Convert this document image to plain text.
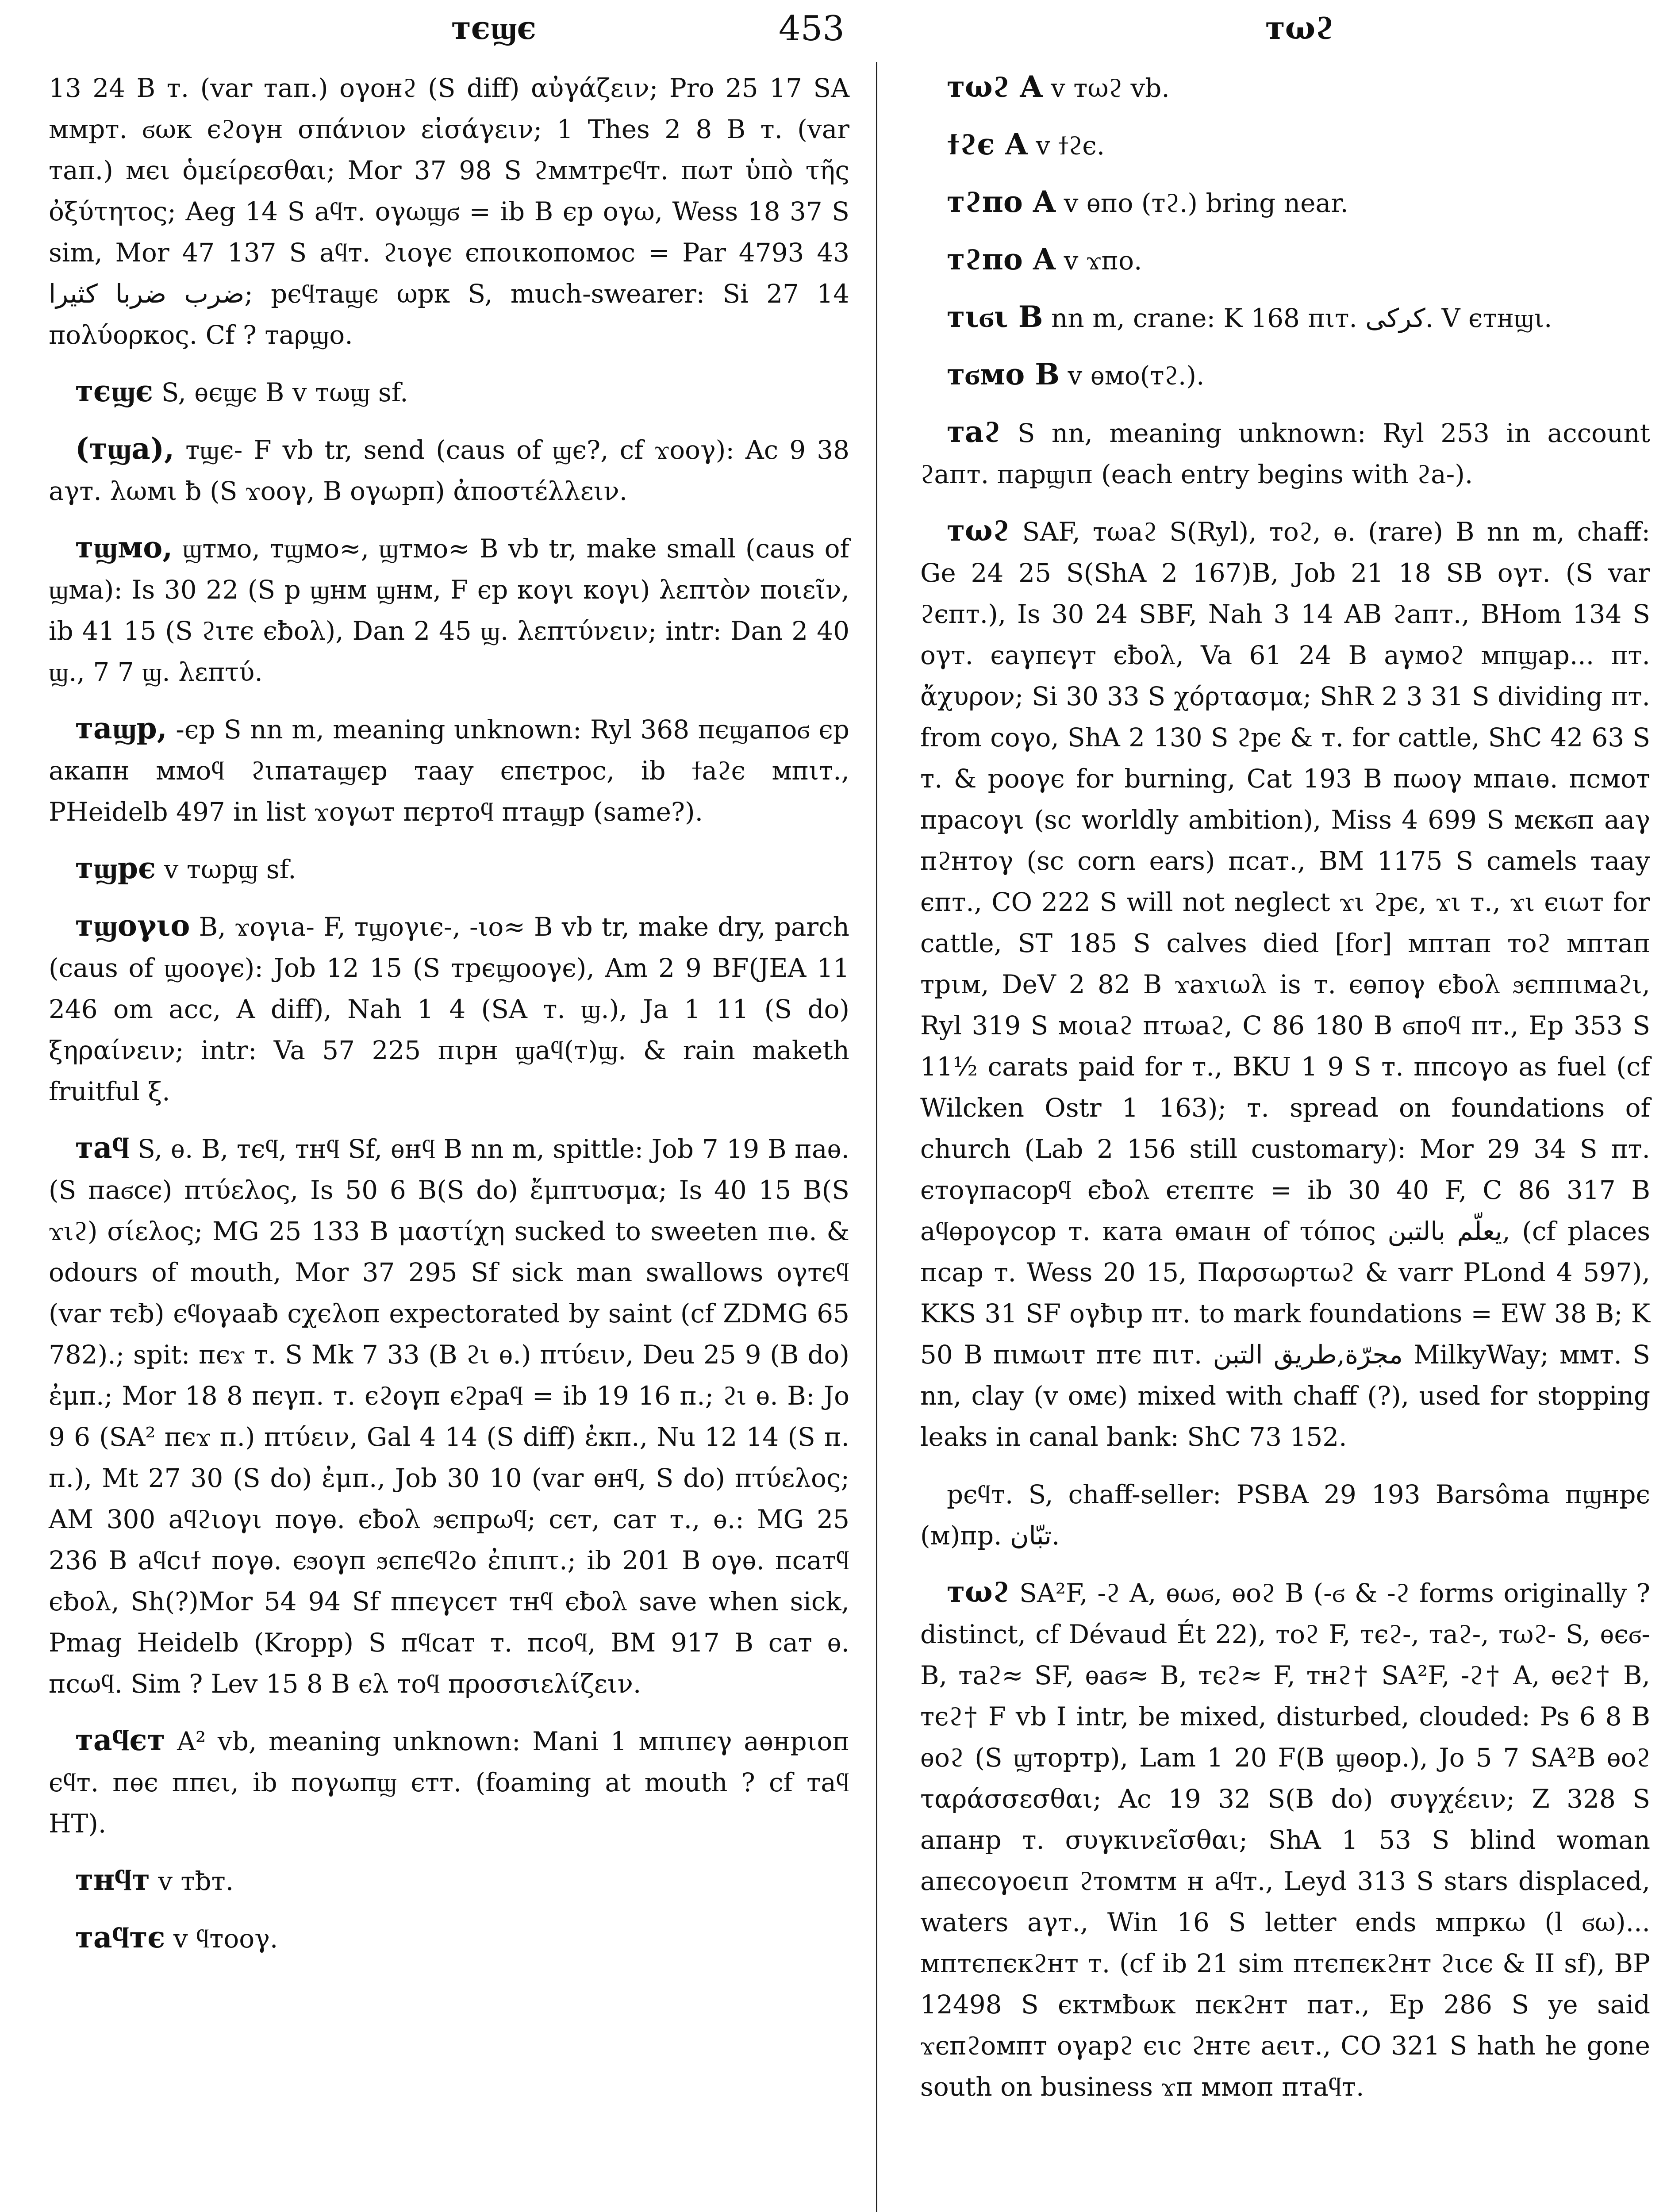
тєϣє	453	тωϩ

13 24 B т. (var таπ.) оγонϩ (S diff) αὐγάζειν; Pro 25 17 SA ммрт. ϭωк єϩоγн σπάνιον εἰσάγειν; 1 Thes 2 8 B т. (var таπ.) мєι ὁμείρεσθαι; Mor 37 98 S ϩммтрєϥт. πωт ὑπὸ τῆς ὀξύτητος; Aeg 14 S аϥт. оγωϣϭ = ib B єр оγω, Wess 18 37 S sim, Mor 47 137 S аϥт. ϩιоγє єπоιкоπомос = Par 4793 43 ضرب ضربا كثيرا; рєϥтаϣє ωрк S, much-swearer: Si 27 14 πολύορκος. Cf ? таρϣо.

тєϣє S, ѳєϣє B v тωϣ sf.

(тϣа), тϣє- F vb tr, send (caus of ϣє?, cf ϫооγ): Ac 9 38 аγт. λωмι ƀ (S ϫооγ, B оγωрπ) ἀποστέλλειν.

тϣмо, ϣтмо, тϣмо≈, ϣтмо≈ B vb tr, make small (caus of ϣма): Is 30 22 (S р ϣнм ϣнм, F єр коγι коγι) λεπτὸν ποιεῖν, ib 41 15 (S ϩιтє єƀоλ), Dan 2 45 ϣ. λεπτύνειν; intr: Dan 2 40 ϣ., 7 7 ϣ. λεπτύ.

таϣр, -єр S nn m, meaning unknown: Ryl 368 πєϣапоϭ єр акапн ммоϥ ϩιпатаϣєр таау єпєтрос, ib ϯаϩє мпιт., PHeidelb 497 in list ϫоγωт πєртоϥ птаϣр (same?).

тϣрє v тωрϣ sf.

тϣоγιо B, ϫоγιа- F, тϣоγιє-, -ιо≈ B vb tr, make dry, parch (caus of ϣооγє): Job 12 15 (S трєϣооγє), Am 2 9 BF(JEA 11 246 om acc, A diff), Nah 1 4 (SA т. ϣ.), Ja 1 11 (S do) ξηραίνειν; intr: Va 57 225 πιрн ϣаϥ(т)ϣ. & rain maketh fruitful ξ.

таϥ S, ѳ. B, тєϥ, тнϥ Sf, ѳнϥ B nn m, spittle: Job 7 19 B паѳ. (S паϭсє) πτύελος, Is 50 6 B(S do) ἔμπτυσμα; Is 40 15 B(S ϫιϩ) σίελος; MG 25 133 B μαστίχη sucked to sweeten πιѳ. & odours of mouth, Mor 37 295 Sf sick man swallows оγтєϥ (var тєƀ) єϥоγааƀ сχєλоп expectorated by saint (cf ZDMG 65 782).; spit: пєϫ т. S Mk 7 33 (B ϩι ѳ.) πτύειν, Deu 25 9 (B do) ἐμπ.; Mor 18 8 пєγп. т. єϩоγп єϩраϥ = ib 19 16 п.; ϩι ѳ. B: Jo 9 6 (SA² пєϫ п.) πτύειν, Gal 4 14 (S diff) ἐκπ., Nu 12 14 (S п. п.), Mt 27 30 (S do) ἐμπ., Job 30 10 (var ѳнϥ, S do) πτύελος; AM 300 аϥϩιоγι поγѳ. єƀоλ ϧєпрωϥ; сєт, сат т., ѳ.: MG 25 236 B аϥсιϯ поγѳ. єϧоγп ϧєпєϥϩо ἐπιπτ.; ib 201 B оγѳ. псатϥ єƀоλ, Sh(?)Mor 54 94 Sf ппєγсєт тнϥ єƀоλ save when sick, Pmag Heidelb (Kropp) S пϥсат т. псоϥ, BM 917 B сат ѳ. псωϥ. Sim ? Lev 15 8 B єλ тоϥ προσσιελίζειν.

таϥєт A² vb, meaning unknown: Mani 1 мπιπєγ аѳнрιоп єϥт. пѳє ппєι, ib поγωпϣ єтт. (foaming at mouth ? cf таϥ HT).

тнϥт v тƀт.

таϥтє v ϥтооγ.

тωϩ A v тωϩ vb.

ϯϩє A v ϯϩє.

тϩпо A v ѳпо (тϩ.) bring near.

тϩпо A v ϫпо.

тιϭι B nn m, crane: K 168 πιт. كركى. V єтнϣι.

тϭмо B v ѳмо(тϩ.).

таϩ S nn, meaning unknown: Ryl 253 in account ϩапт. парϣιп (each entry begins with ϩа-).

тωϩ SAF, тωаϩ S(Ryl), тоϩ, ѳ. (rare) B nn m, chaff: Ge 24 25 S(ShA 2 167)B, Job 21 18 SB оγт. (S var ϩєпт.), Is 30 24 SBF, Nah 3 14 AB ϩапт., BHom 134 S оγт. єаγпєγт єƀоλ, Va 61 24 B аγмоϩ мпϣар... πт. ἄχυρον; Si 30 33 S χόρτασμα; ShR 2 3 31 S dividing πт. from соγо, ShA 2 130 S ϩрє & т. for cattle, ShC 42 63 S т. & рооγє for burning, Cat 193 B пωоγ мпаιѳ. псмот прасоγι (sc worldly ambition), Miss 4 699 S мєкϭп ааγ пϩнтоγ (sc corn ears) псат., BM 1175 S camels таау єпт., CO 222 S will not neglect ϫι ϩрє, ϫι т., ϫι єιωт for cattle, ST 185 S calves died [for] мптап тоϩ мптап трιм, DeV 2 82 B ϫаϫιωλ is т. єѳпоγ єƀоλ ϧєпπιмаϩι, Ryl 319 S моιаϩ птωаϩ, C 86 180 B ϭпоϥ πт., Ep 353 S 11½ carats paid for т., BKU 1 9 S т. ппсоγо as fuel (cf Wilcken Ostr 1 163); т. spread on foundations of church (Lab 2 156 still customary): Mor 29 34 S πт. єтоγпасорϥ єƀоλ єтєптє = ib 30 40 F, C 86 317 B аϥѳроγсор т. ката ѳмаιн of τόπος يعلّم بالتبن, (cf places псар т. Wess 20 15, Παρσωρτωϩ & varr PLond 4 597), KKS 31 SF оγƀιр πт. to mark foundations = EW 38 B; K 50 B пιмωιт птє пιт. مجرّة,طريق التبن MilkyWay; ммт. S nn, clay (v омє) mixed with chaff (?), used for stopping leaks in canal bank: ShC 73 152.

рєϥт. S, chaff-seller: PSBA 29 193 Barsôma пϣнрє (м)пр. تبّان.

тωϩ SA²F, -ϩ A, ѳωϭ, ѳоϩ B (-ϭ & -ϩ forms originally ? distinct, cf Dévaud Ét 22), тоϩ F, тєϩ-, таϩ-, тωϩ- S, ѳєϭ- B, таϩ≈ SF, ѳаϭ≈ B, тєϩ≈ F, тнϩ† SA²F, -ϩ† A, ѳєϩ† B, тєϩ† F vb I intr, be mixed, disturbed, clouded: Ps 6 8 B ѳоϩ (S ϣтортр), Lam 1 20 F(B ϣѳор.), Jo 5 7 SA²B ѳоϩ ταράσσεσθαι; Ac 19 32 S(B do) συγχέειν; Z 328 S апанр т. συγκινεῖσθαι; ShA 1 53 S blind woman апєсоγоєιп ϩтомтм н аϥт., Leyd 313 S stars displaced, waters аγт., Win 16 S letter ends мпркω (l ϭω)... мптєпєкϩнт т. (cf ib 21 sim птєпєкϩнт ϩιсє & II sf), BP 12498 S єктмƀωк пєкϩнт пат., Ep 286 S ye said ϫєпϩомпт оγарϩ єιс ϩнтє аєιт., CO 321 S hath he gone south on business ϫп ммоп птаϥт.
